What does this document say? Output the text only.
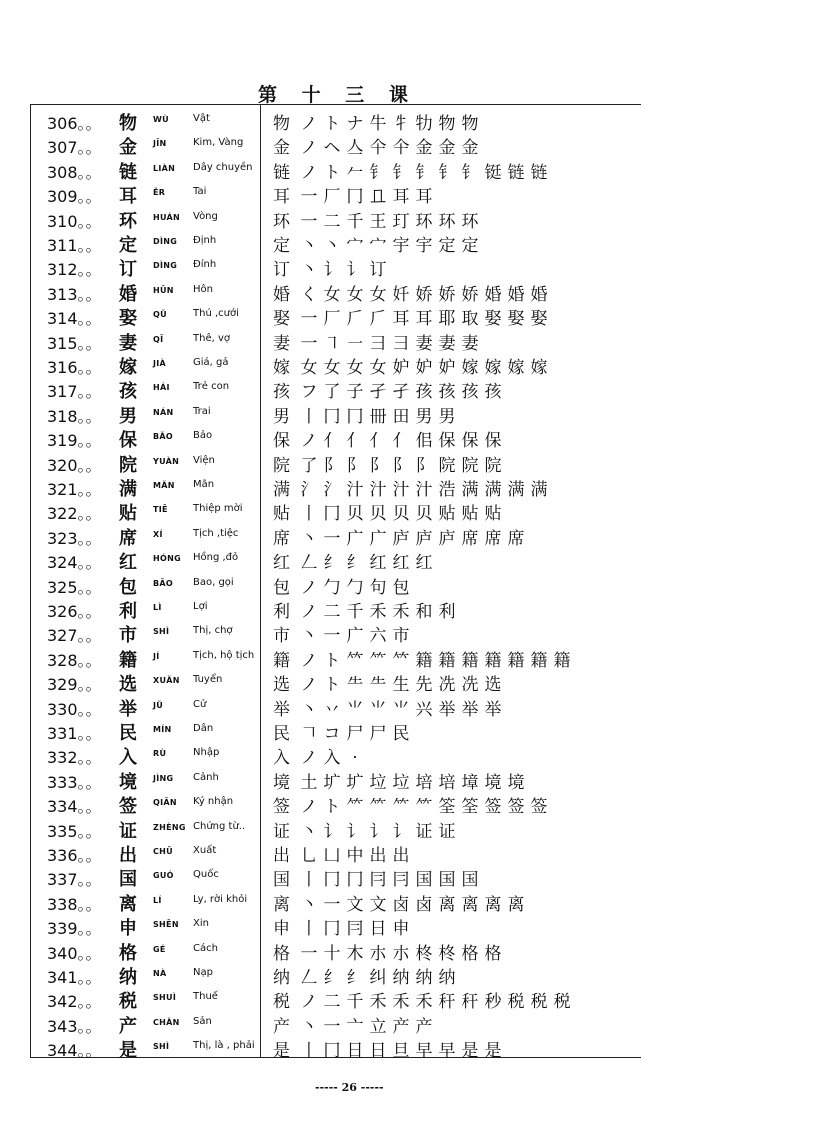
第 十 三 课
306。。 物 WÙ Vật	物 ノ ト ナ 牛 牜 牞 物 物
307。。 金 JĪN	Kim, Vàng 金 ノ ヘ 亼 仐 仐 金 金 金
308。。 链 LIÀN Dây chuyền 链 ノ ト 𠂉 钅 钅 钅 钅 钅 铤 链 链
309。。 耳 ĚR	Tai	耳 一 厂 冂 𠀃 耳 耳
310。。 环 HUÁN Vòng	环 一 二 千 王 玎 环 环 环
311。。 定 DÌNG Định	定 丶 丶 宀 宀 宇 宇 定 定
312。。 订 DÌNG Đính	订 丶 讠 讠 订
313。。 婚 HŪN Hôn	婚 く 女 女 女 奷 娇 娇 娇 婚 婚 婚
314。。 娶 QǓ	Thú ,cưới 娶 一 厂 𠂆 𠂆 耳 耳 耶 取 娶 娶 娶
315。。 妻 QĪ	Thê, vợ	妻 一 ㇕ ㇐ ⺕ ⺕ 妻 妻 妻
316。。 嫁 JIÀ	Giá, gả	嫁 女 女 女 女 妒 妒 妒 嫁 嫁 嫁 嫁
317。。 孩 HÁI Trẻ con	孩 フ 了 子 孑 孑 孩 孩 孩 孩
318。。 男 NÁN Trai	男 丨 冂 冂 冊 田 男 男
319。。 保 BǍO Bảo	保 ノ 亻 亻 亻 亻 佀 保 保 保
320。。 院 YUÀN Viện	院 了 阝 阝 阝 阝 阝 院 院 院
321。。 满 MǍN Mãn	满 氵 氵 汁 汁 汁 汁 浩 满 满 满 满
322。。 贴 TIĒ	Thiệp mời 贴 丨 冂 贝 贝 贝 贝 贴 贴 贴
323。。 席 XÍ	Tịch ,tiệc 席 丶 一 广 广 庐 庐 庐 席 席 席
324。。 红 HÓNG Hồng ,đỏ 红 𠃋 纟 纟 红 红 红
325。。 包 BĀO Bao, gọi 包 ノ 勹 勹 句 包
326。。 利 LÌ	Lợi	利 ノ 二 千 禾 禾 和 利
327。。 市 SHÌ Thị, chợ 市 丶 一 广 六 市
328。。 籍 JÍ	Tịch, hộ tịch 籍 ノ ト 𥫗 ⺮ 𥫗 籍 籍 籍 籍 籍 籍 籍
329。。 选 XUǍN Tuyển	选 ノ ト ⺧ ⺧ 生 先 冼 冼 选
330。。 举 JǓ	Cử	举 丶 丷 ⺌ ⺌ ⺌ 兴 举 举 举
331。。 民 MÍN Dân	民 𠃍 コ 尸 尸 民
332。。 入 RÙ	Nhập	入 ノ 入 ·
333。。 境 JÌNG Cảnh	境 土 圹 圹 垃 垃 培 培 墇 境 境
334。。 签 QIĀN Ký nhận 签 ノ ト ⺮ ⺮ ⺮ ⺮ 筌 筌 签 签 签
335。。 证 ZHÈNG Chứng từ.. 证 丶 讠 讠 讠 讠 证 证
336。。 出 CHŪ Xuất	出 乚 凵 中 出 出
337。。 国 GUÓ Quốc	国 丨 冂 冂 冃 冃 国 国 国
338。。 离 LÍ	Ly, rời khỏi 离 丶 一 文 文 卤 卤 离 离 离 离
339。。 申 SHĒN Xin	申 丨 冂 冃 日 申
340。。 格 GÉ	Cách	格 一 十 木 朩 朩 柊 柊 格 格
341。。 纳 NÀ	Nạp	纳 𠃋 纟 纟 纠 纳 纳 纳
342。。 税 SHUÌ Thuế	税 ノ 二 千 禾 禾 禾 秆 秆 秒 税 税 税
343。。 产 CHǍN Sản	产 丶 一 亠 立 产 产
344。。 是 SHÌ Thị, là , phải 是 丨 冂 日 日 旦 早 早 是 是
----- 26 -----
